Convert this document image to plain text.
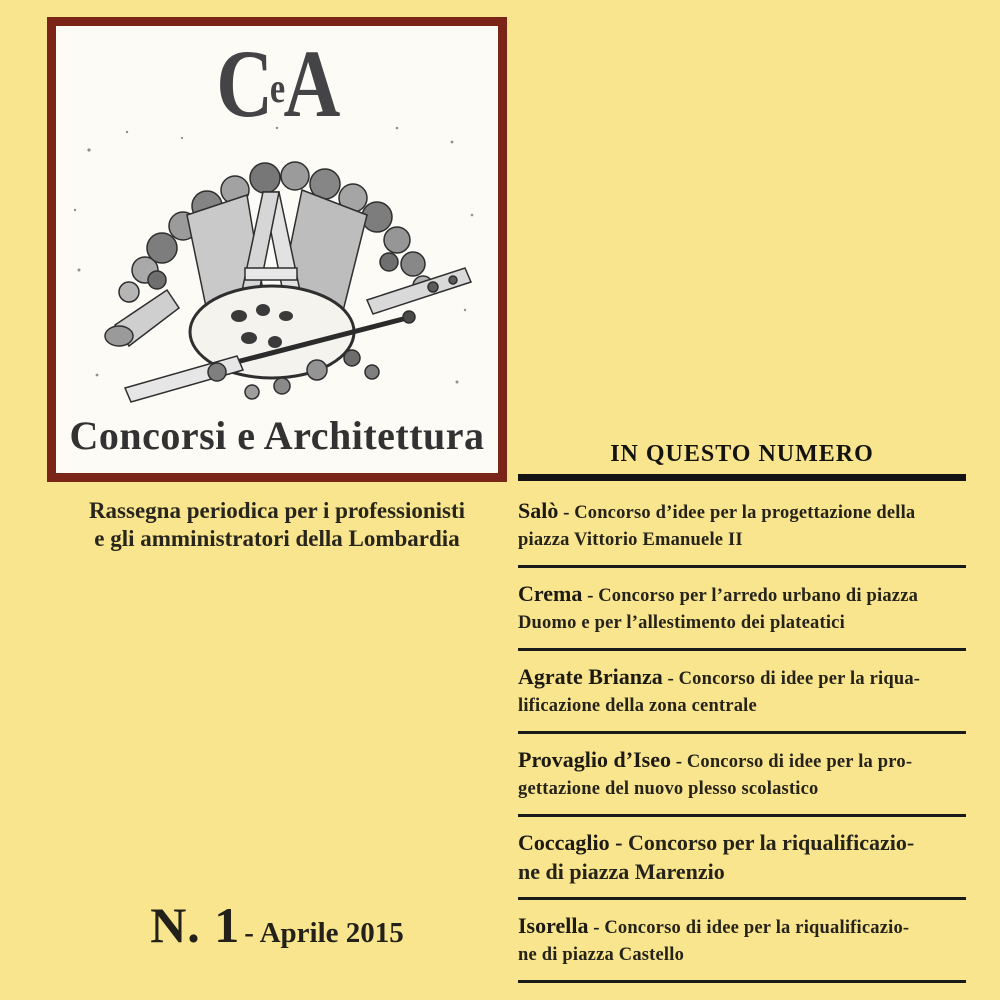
CeA
Concorsi e Architettura
Rassegna periodica per i professionisti
e gli amministratori della Lombardia
N. 1 - Aprile 2015
IN QUESTO NUMERO
Salò - Concorso d’idee per la progettazione della
piazza Vittorio Emanuele II
Crema - Concorso per l’arredo urbano di piazza
Duomo e per l’allestimento dei plateatici
Agrate Brianza - Concorso di idee per la riqua-
lificazione della zona centrale
Provaglio d’Iseo - Concorso di idee per la pro-
gettazione del nuovo plesso scolastico
Coccaglio - Concorso per la riqualificazio-
ne di piazza Marenzio
Isorella - Concorso di idee per la riqualificazio-
ne di piazza Castello
